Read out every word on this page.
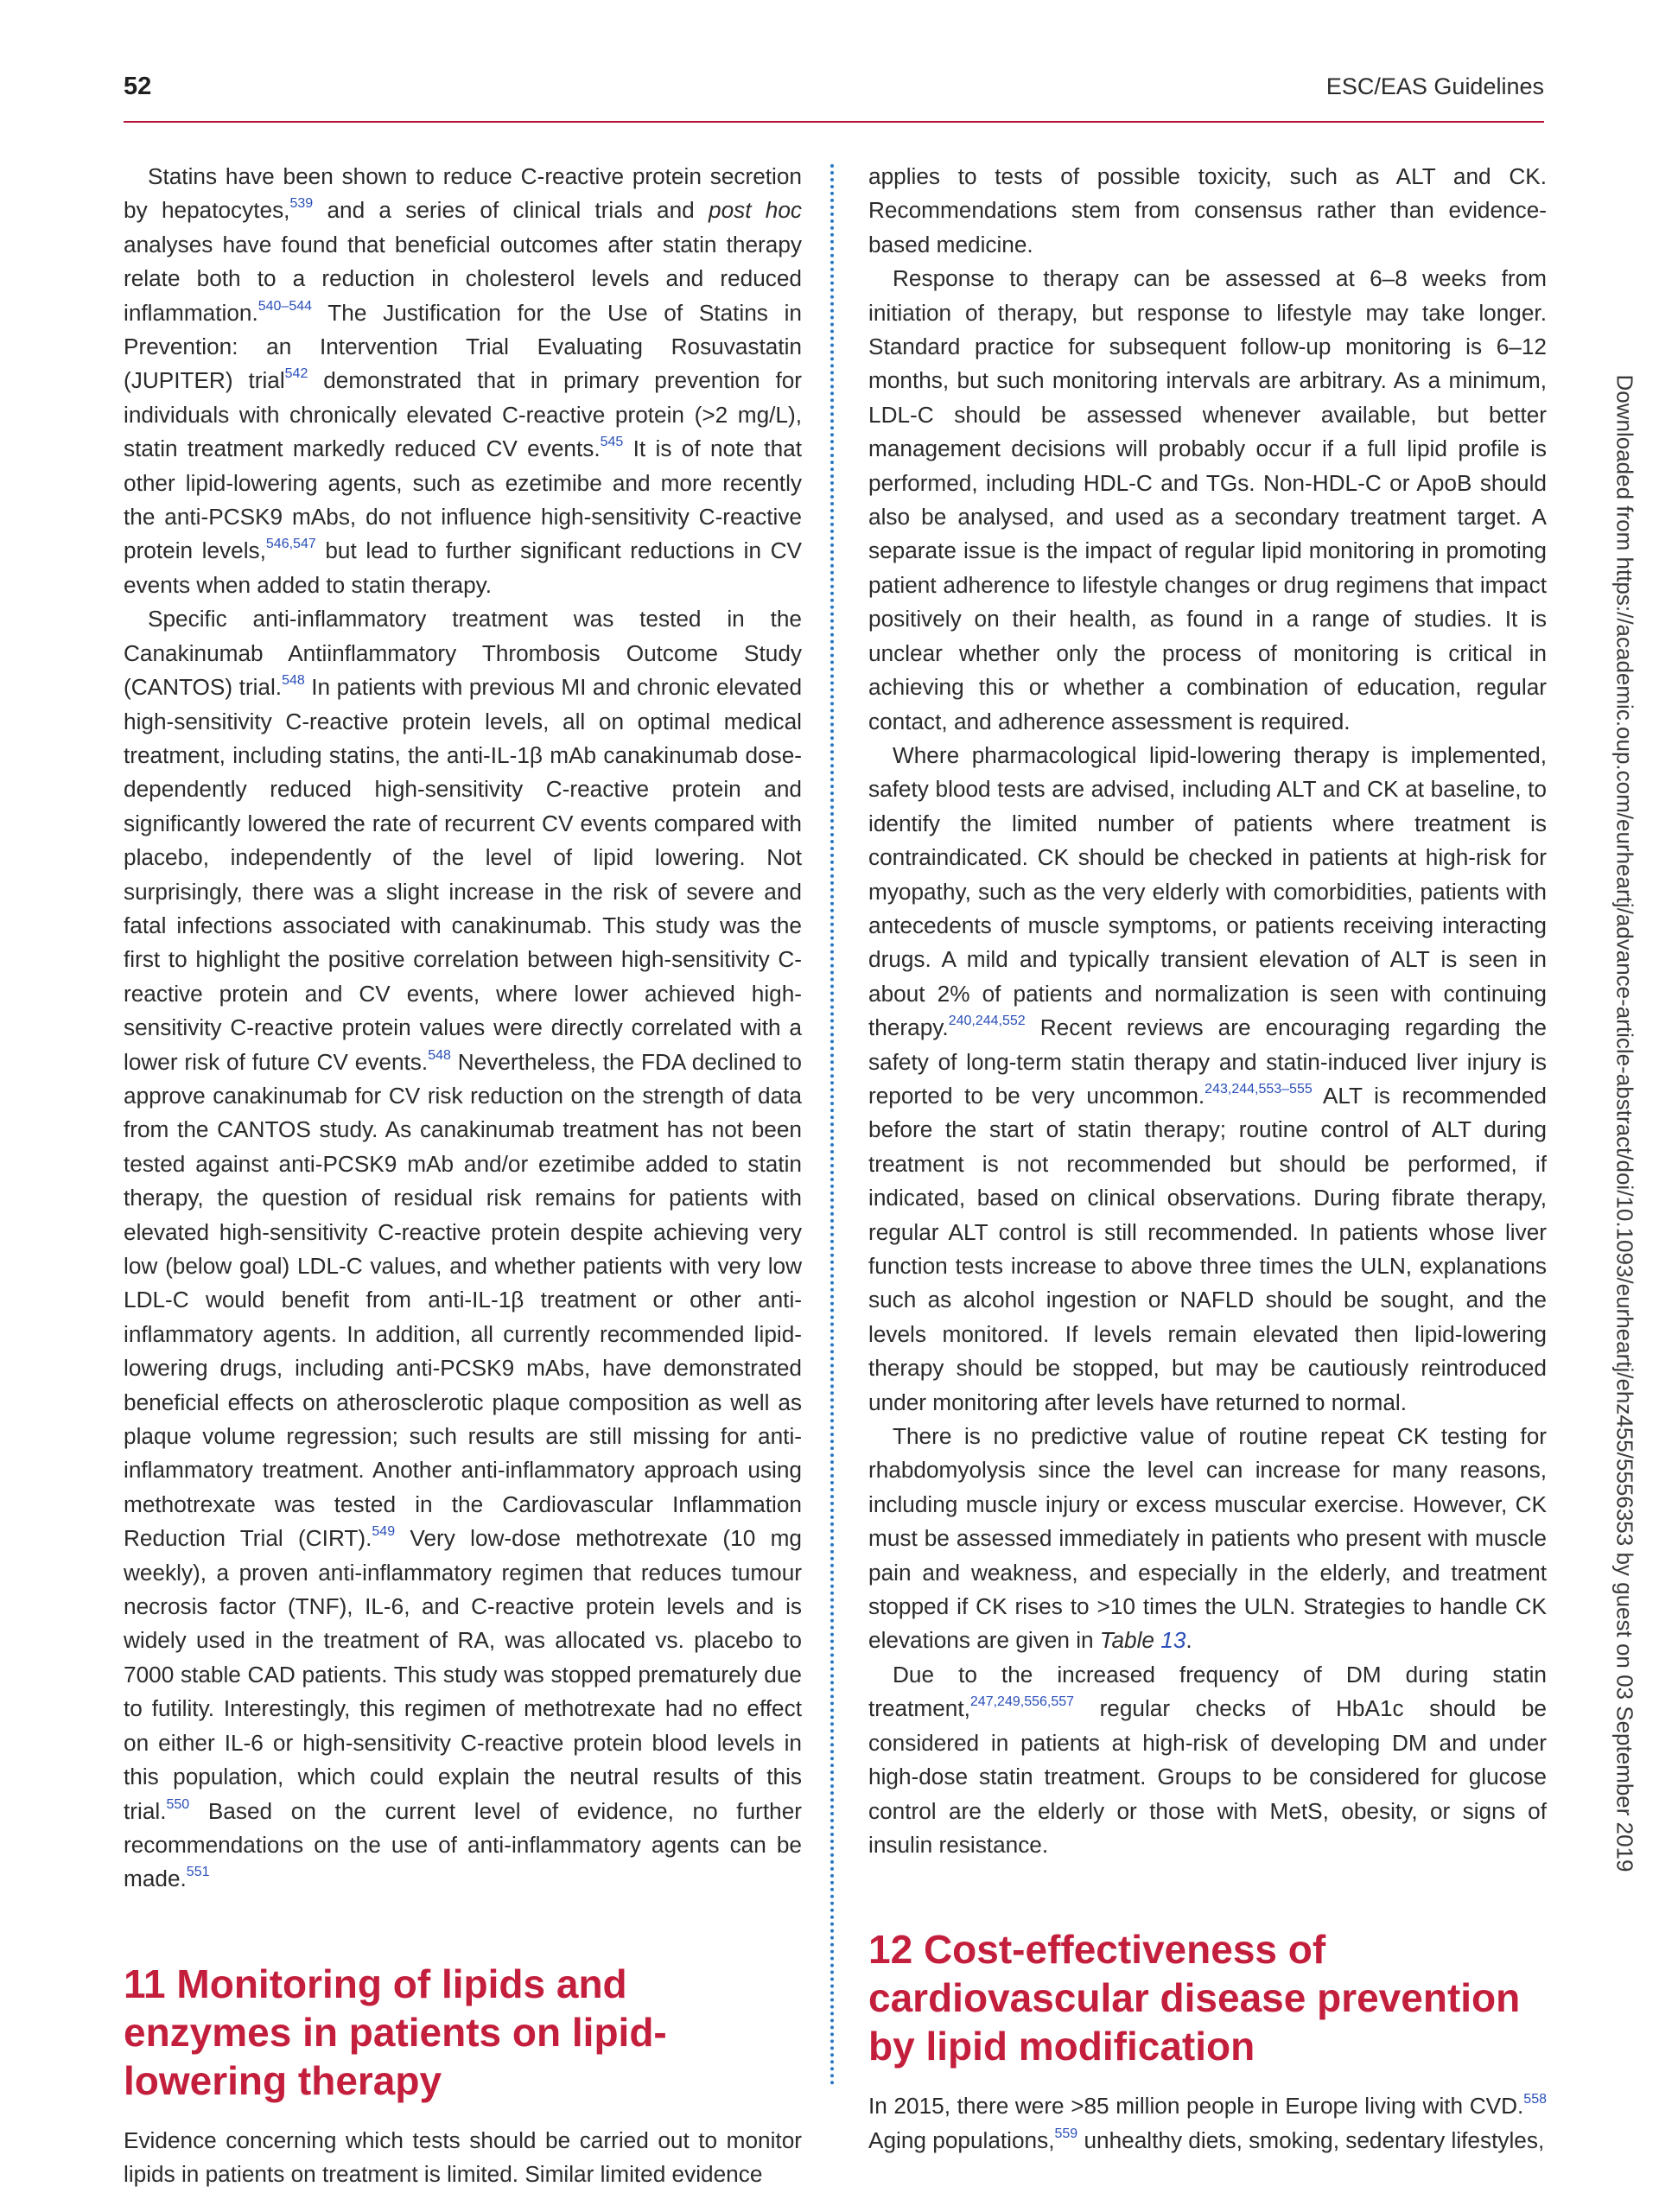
52	ESC/EAS Guidelines

Statins have been shown to reduce C-reactive protein secretion by hepatocytes,$^{539}$ and a series of clinical trials and post hoc analyses have found that beneficial outcomes after statin therapy relate both to a reduction in cholesterol levels and reduced inflammation.$^{540-544}$ The Justification for the Use of Statins in Prevention: an Intervention Trial Evaluating Rosuvastatin (JUPITER) trial$^{542}$ demonstrated that in primary prevention for individuals with chronically elevated C-reactive protein (>2 mg/L), statin treatment markedly reduced CV events.$^{545}$ It is of note that other lipid-lowering agents, such as ezetimibe and more recently the anti-PCSK9 mAbs, do not influence high-sensitivity C-reactive protein levels,$^{546,547}$ but lead to further significant reductions in CV events when added to statin therapy.

Specific anti-inflammatory treatment was tested in the Canakinumab Antiinflammatory Thrombosis Outcome Study (CANTOS) trial.$^{548}$ In patients with previous MI and chronic elevated high-sensitivity C-reactive protein levels, all on optimal medical treatment, including statins, the anti-IL-1β mAb canakinumab dose-dependently reduced high-sensitivity C-reactive protein and significantly lowered the rate of recurrent CV events compared with placebo, independently of the level of lipid lowering. Not surprisingly, there was a slight increase in the risk of severe and fatal infections associated with canakinumab. This study was the first to highlight the positive correlation between high-sensitivity C-reactive protein and CV events, where lower achieved high-sensitivity C-reactive protein values were directly correlated with a lower risk of future CV events.$^{548}$ Nevertheless, the FDA declined to approve canakinumab for CV risk reduction on the strength of data from the CANTOS study. As canakinumab treatment has not been tested against anti-PCSK9 mAb and/or ezetimibe added to statin therapy, the question of residual risk remains for patients with elevated high-sensitivity C-reactive protein despite achieving very low (below goal) LDL-C values, and whether patients with very low LDL-C would benefit from anti-IL-1β treatment or other anti-inflammatory agents. In addition, all currently recommended lipid-lowering drugs, including anti-PCSK9 mAbs, have demonstrated beneficial effects on atherosclerotic plaque composition as well as plaque volume regression; such results are still missing for anti-inflammatory treatment. Another anti-inflammatory approach using methotrexate was tested in the Cardiovascular Inflammation Reduction Trial (CIRT).$^{549}$ Very low-dose methotrexate (10 mg weekly), a proven anti-inflammatory regimen that reduces tumour necrosis factor (TNF), IL-6, and C-reactive protein levels and is widely used in the treatment of RA, was allocated vs. placebo to 7000 stable CAD patients. This study was stopped prematurely due to futility. Interestingly, this regimen of methotrexate had no effect on either IL-6 or high-sensitivity C-reactive protein blood levels in this population, which could explain the neutral results of this trial.$^{550}$ Based on the current level of evidence, no further recommendations on the use of anti-inflammatory agents can be made.$^{551}$

11 Monitoring of lipids and enzymes in patients on lipid-lowering therapy

Evidence concerning which tests should be carried out to monitor lipids in patients on treatment is limited. Similar limited evidence

applies to tests of possible toxicity, such as ALT and CK. Recommendations stem from consensus rather than evidence-based medicine.

Response to therapy can be assessed at 6–8 weeks from initiation of therapy, but response to lifestyle may take longer. Standard practice for subsequent follow-up monitoring is 6–12 months, but such monitoring intervals are arbitrary. As a minimum, LDL-C should be assessed whenever available, but better management decisions will probably occur if a full lipid profile is performed, including HDL-C and TGs. Non-HDL-C or ApoB should also be analysed, and used as a secondary treatment target. A separate issue is the impact of regular lipid monitoring in promoting patient adherence to lifestyle changes or drug regimens that impact positively on their health, as found in a range of studies. It is unclear whether only the process of monitoring is critical in achieving this or whether a combination of education, regular contact, and adherence assessment is required.

Where pharmacological lipid-lowering therapy is implemented, safety blood tests are advised, including ALT and CK at baseline, to identify the limited number of patients where treatment is contraindicated. CK should be checked in patients at high-risk for myopathy, such as the very elderly with comorbidities, patients with antecedents of muscle symptoms, or patients receiving interacting drugs. A mild and typically transient elevation of ALT is seen in about 2% of patients and normalization is seen with continuing therapy.$^{240,244,552}$ Recent reviews are encouraging regarding the safety of long-term statin therapy and statin-induced liver injury is reported to be very uncommon.$^{243,244,553-555}$ ALT is recommended before the start of statin therapy; routine control of ALT during treatment is not recommended but should be performed, if indicated, based on clinical observations. During fibrate therapy, regular ALT control is still recommended. In patients whose liver function tests increase to above three times the ULN, explanations such as alcohol ingestion or NAFLD should be sought, and the levels monitored. If levels remain elevated then lipid-lowering therapy should be stopped, but may be cautiously reintroduced under monitoring after levels have returned to normal.

There is no predictive value of routine repeat CK testing for rhabdomyolysis since the level can increase for many reasons, including muscle injury or excess muscular exercise. However, CK must be assessed immediately in patients who present with muscle pain and weakness, and especially in the elderly, and treatment stopped if CK rises to >10 times the ULN. Strategies to handle CK elevations are given in Table 13.

Due to the increased frequency of DM during statin treatment,$^{247,249,556,557}$ regular checks of HbA1c should be considered in patients at high-risk of developing DM and under high-dose statin treatment. Groups to be considered for glucose control are the elderly or those with MetS, obesity, or signs of insulin resistance.

12 Cost-effectiveness of cardiovascular disease prevention by lipid modification

In 2015, there were >85 million people in Europe living with CVD.$^{558}$ Aging populations,$^{559}$ unhealthy diets, smoking, sedentary lifestyles,

Downloaded from https://academic.oup.com/eurheartj/advance-article-abstract/doi/10.1093/eurheartj/ehz455/5556353 by guest on 03 September 2019
